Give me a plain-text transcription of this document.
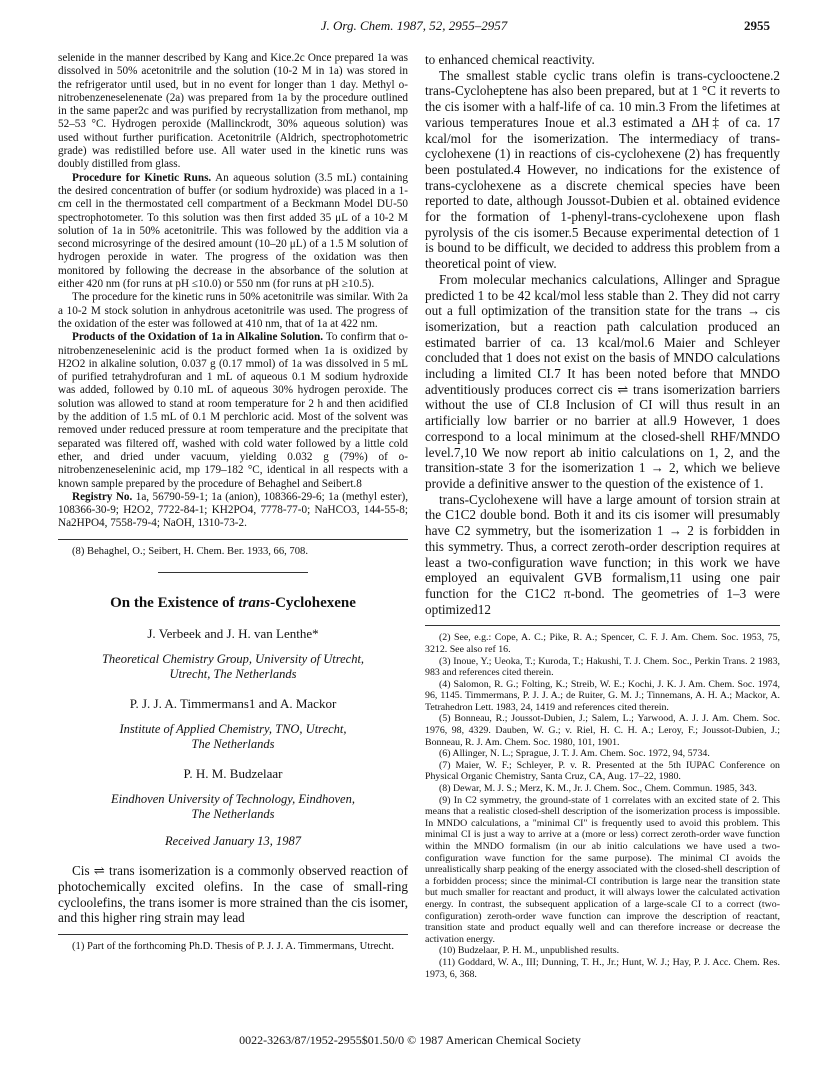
J. Org. Chem. 1987, 52, 2955–2957	2955

selenide in the manner described by Kang and Kice.2c Once prepared 1a was dissolved in 50% acetonitrile and the solution (10-2 M in 1a) was stored in the refrigerator until used, but in no event for longer than 1 day. Methyl o-nitrobenzeneselenenate (2a) was prepared from 1a by the procedure outlined in the same paper2c and was purified by recrystallization from methanol, mp 52–53 °C. Hydrogen peroxide (Mallinckrodt, 30% aqueous solution) was used without further purification. Acetonitrile (Aldrich, spectrophotometric grade) was redistilled before use. All water used in the kinetic runs was doubly distilled from glass.

Procedure for Kinetic Runs. An aqueous solution (3.5 mL) containing the desired concentration of buffer (or sodium hydroxide) was placed in a 1-cm cell in the thermostated cell compartment of a Beckmann Model DU-50 spectrophotometer. To this solution was then first added 35 μL of a 10-2 M solution of 1a in 50% acetonitrile. This was followed by the addition via a second microsyringe of the desired amount (10–20 μL) of a 1.5 M solution of hydrogen peroxide in water. The progress of the oxidation was then monitored by following the decrease in the absorbance of the solution at either 420 nm (for runs at pH ≤10.0) or 550 nm (for runs at pH ≥10.5).

The procedure for the kinetic runs in 50% acetonitrile was similar. With 2a a 10-2 M stock solution in anhydrous acetonitrile was used. The progress of the oxidation of the ester was followed at 410 nm, that of 1a at 422 nm.

Products of the Oxidation of 1a in Alkaline Solution. To confirm that o-nitrobenzeneseleninic acid is the product formed when 1a is oxidized by H2O2 in alkaline solution, 0.037 g (0.17 mmol) of 1a was dissolved in 5 mL of purified tetrahydrofuran and 1 mL of aqueous 0.1 M sodium hydroxide was added, followed by 0.10 mL of aqueous 30% hydrogen peroxide. The solution was allowed to stand at room temperature for 2 h and then acidified by the addition of 1.5 mL of 0.1 M perchloric acid. Most of the solvent was removed under reduced pressure at room temperature and the precipitate that separated was filtered off, washed with cold water followed by a little cold ether, and dried under vacuum, yielding 0.032 g (79%) of o-nitrobenzeneseleninic acid, mp 179–182 °C, identical in all respects with a known sample prepared by the procedure of Behaghel and Seibert.8

Registry No. 1a, 56790-59-1; 1a (anion), 108366-29-6; 1a (methyl ester), 108366-30-9; H2O2, 7722-84-1; KH2PO4, 7778-77-0; NaHCO3, 144-55-8; Na2HPO4, 7558-79-4; NaOH, 1310-73-2.

(8) Behaghel, O.; Seibert, H. Chem. Ber. 1933, 66, 708.

On the Existence of trans-Cyclohexene
J. Verbeek and J. H. van Lenthe*
Theoretical Chemistry Group, University of Utrecht,
Utrecht, The Netherlands
P. J. J. A. Timmermans1 and A. Mackor
Institute of Applied Chemistry, TNO, Utrecht,
The Netherlands
P. H. M. Budzelaar
Eindhoven University of Technology, Eindhoven,
The Netherlands
Received January 13, 1987

Cis ⇌ trans isomerization is a commonly observed reaction of photochemically excited olefins. In the case of small-ring cycloolefins, the trans isomer is more strained than the cis isomer, and this higher ring strain may lead

(1) Part of the forthcoming Ph.D. Thesis of P. J. J. A. Timmermans, Utrecht.

to enhanced chemical reactivity.

The smallest stable cyclic trans olefin is trans-cyclooctene.2 trans-Cycloheptene has also been prepared, but at 1 °C it reverts to the cis isomer with a half-life of ca. 10 min.3 From the lifetimes at various temperatures Inoue et al.3 estimated a ΔH‡ of ca. 17 kcal/mol for the isomerization. The intermediacy of trans-cyclohexene (1) in reactions of cis-cyclohexene (2) has frequently been postulated.4 However, no indications for the existence of trans-cyclohexene as a discrete chemical species have been reported to date, although Joussot-Dubien et al. obtained evidence for the formation of 1-phenyl-trans-cyclohexene upon flash pyrolysis of the cis isomer.5 Because experimental detection of 1 is bound to be difficult, we decided to address this problem from a theoretical point of view.

From molecular mechanics calculations, Allinger and Sprague predicted 1 to be 42 kcal/mol less stable than 2. They did not carry out a full optimization of the transition state for the trans → cis isomerization, but a reaction path calculation produced an estimated barrier of ca. 13 kcal/mol.6 Maier and Schleyer concluded that 1 does not exist on the basis of MNDO calculations including a limited CI.7 It has been noted before that MNDO adventitiously produces correct cis ⇌ trans isomerization barriers without the use of CI.8 Inclusion of CI will thus result in an artificially low barrier or no barrier at all.9 However, 1 does correspond to a local minimum at the closed-shell RHF/MNDO level.7,10 We now report ab initio calculations on 1, 2, and the transition-state 3 for the isomerization 1 → 2, which we believe provide a definitive answer to the question of the existence of 1.

trans-Cyclohexene will have a large amount of torsion strain at the C1C2 double bond. Both it and its cis isomer will presumably have C2 symmetry, but the isomerization 1 → 2 is forbidden in this symmetry. Thus, a correct zeroth-order description requires at least a two-configuration wave function; in this work we have employed an equivalent GVB formalism,11 using one pair function for the C1C2 π-bond. The geometries of 1–3 were optimized12

(2) See, e.g.: Cope, A. C.; Pike, R. A.; Spencer, C. F. J. Am. Chem. Soc. 1953, 75, 3212. See also ref 16.

(3) Inoue, Y.; Ueoka, T.; Kuroda, T.; Hakushi, T. J. Chem. Soc., Perkin Trans. 2 1983, 983 and references cited therein.

(4) Salomon, R. G.; Folting, K.; Streib, W. E.; Kochi, J. K. J. Am. Chem. Soc. 1974, 96, 1145. Timmermans, P. J. J. A.; de Ruiter, G. M. J.; Tinnemans, A. H. A.; Mackor, A. Tetrahedron Lett. 1983, 24, 1419 and references cited therein.

(5) Bonneau, R.; Joussot-Dubien, J.; Salem, L.; Yarwood, A. J. J. Am. Chem. Soc. 1976, 98, 4329. Dauben, W. G.; v. Riel, H. C. H. A.; Leroy, F.; Joussot-Dubien, J.; Bonneau, R. J. Am. Chem. Soc. 1980, 101, 1901.

(6) Allinger, N. L.; Sprague, J. T. J. Am. Chem. Soc. 1972, 94, 5734.

(7) Maier, W. F.; Schleyer, P. v. R. Presented at the 5th IUPAC Conference on Physical Organic Chemistry, Santa Cruz, CA, Aug. 17–22, 1980.

(8) Dewar, M. J. S.; Merz, K. M., Jr. J. Chem. Soc., Chem. Commun. 1985, 343.

(9) In C2 symmetry, the ground-state of 1 correlates with an excited state of 2. This means that a realistic closed-shell description of the isomerization process is impossible. In MNDO calculations, a "minimal CI" is frequently used to avoid this problem. This minimal CI is just a way to arrive at a (more or less) correct zeroth-order wave function within the MNDO formalism (in our ab initio calculations we have used a two-configuration wave function for the same purpose). The minimal CI avoids the unrealistically sharp peaking of the energy associated with the closed-shell description of a forbidden process; since the minimal-CI contribution is large near the transition state but much smaller for reactant and product, it will always lower the calculated activation energy. In contrast, the subsequent application of a large-scale CI to a correct (two-configuration) zeroth-order wave function can improve the description of reactant, transition state and product equally well and can therefore increase or decrease the activation energy.

(10) Budzelaar, P. H. M., unpublished results.

(11) Goddard, W. A., III; Dunning, T. H., Jr.; Hunt, W. J.; Hay, P. J. Acc. Chem. Res. 1973, 6, 368.

0022-3263/87/1952-2955$01.50/0 © 1987 American Chemical Society
